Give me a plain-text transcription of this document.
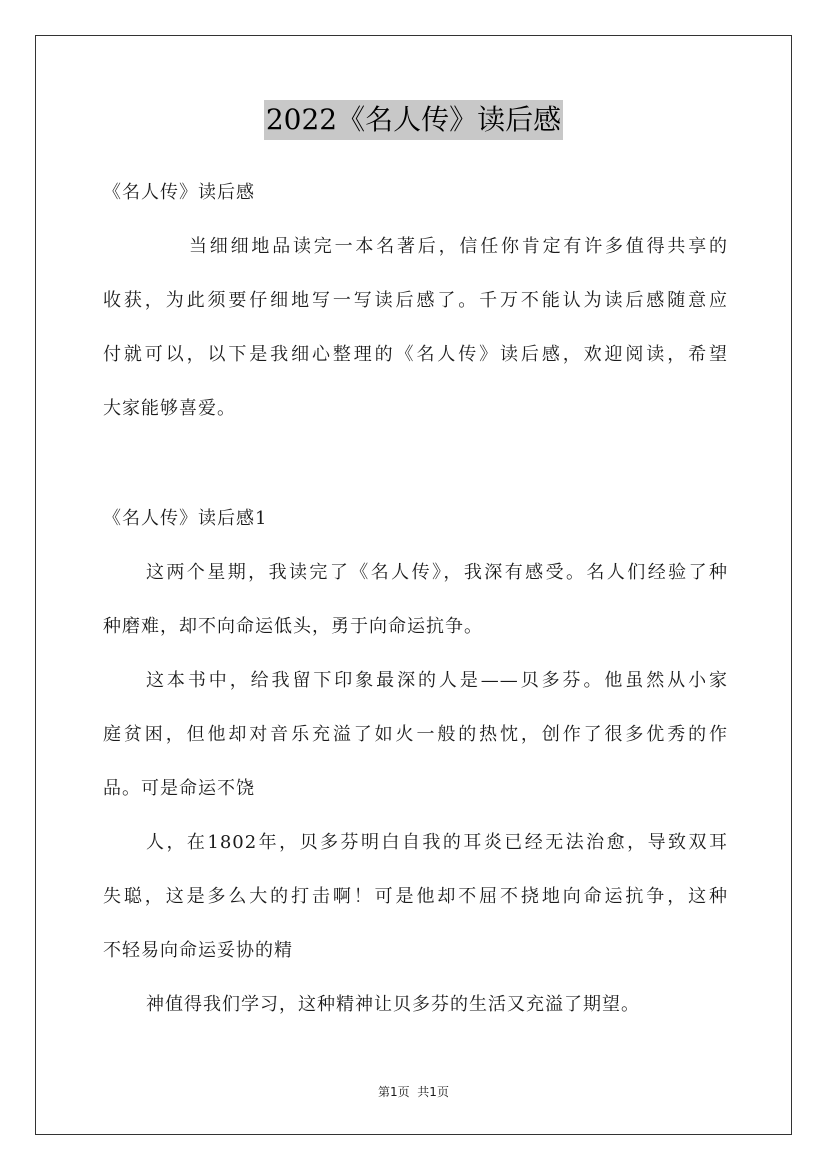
2022《名人传》读后感
《名人传》读后感
当细细地品读完一本名著后，信任你肯定有许多值得共享的
收获，为此须要仔细地写一写读后感了。千万不能认为读后感随意应
付就可以，以下是我细心整理的《名人传》读后感，欢迎阅读，希望
大家能够喜爱。
《名人传》读后感1
这两个星期，我读完了《名人传》，我深有感受。名人们经验了种
种磨难，却不向命运低头，勇于向命运抗争。
这本书中，给我留下印象最深的人是——贝多芬。他虽然从小家
庭贫困，但他却对音乐充溢了如火一般的热忱，创作了很多优秀的作
品。可是命运不饶
人，在1802年，贝多芬明白自我的耳炎已经无法治愈，导致双耳
失聪，这是多么大的打击啊！可是他却不屈不挠地向命运抗争，这种
不轻易向命运妥协的精
神值得我们学习，这种精神让贝多芬的生活又充溢了期望。
第1页  共1页
